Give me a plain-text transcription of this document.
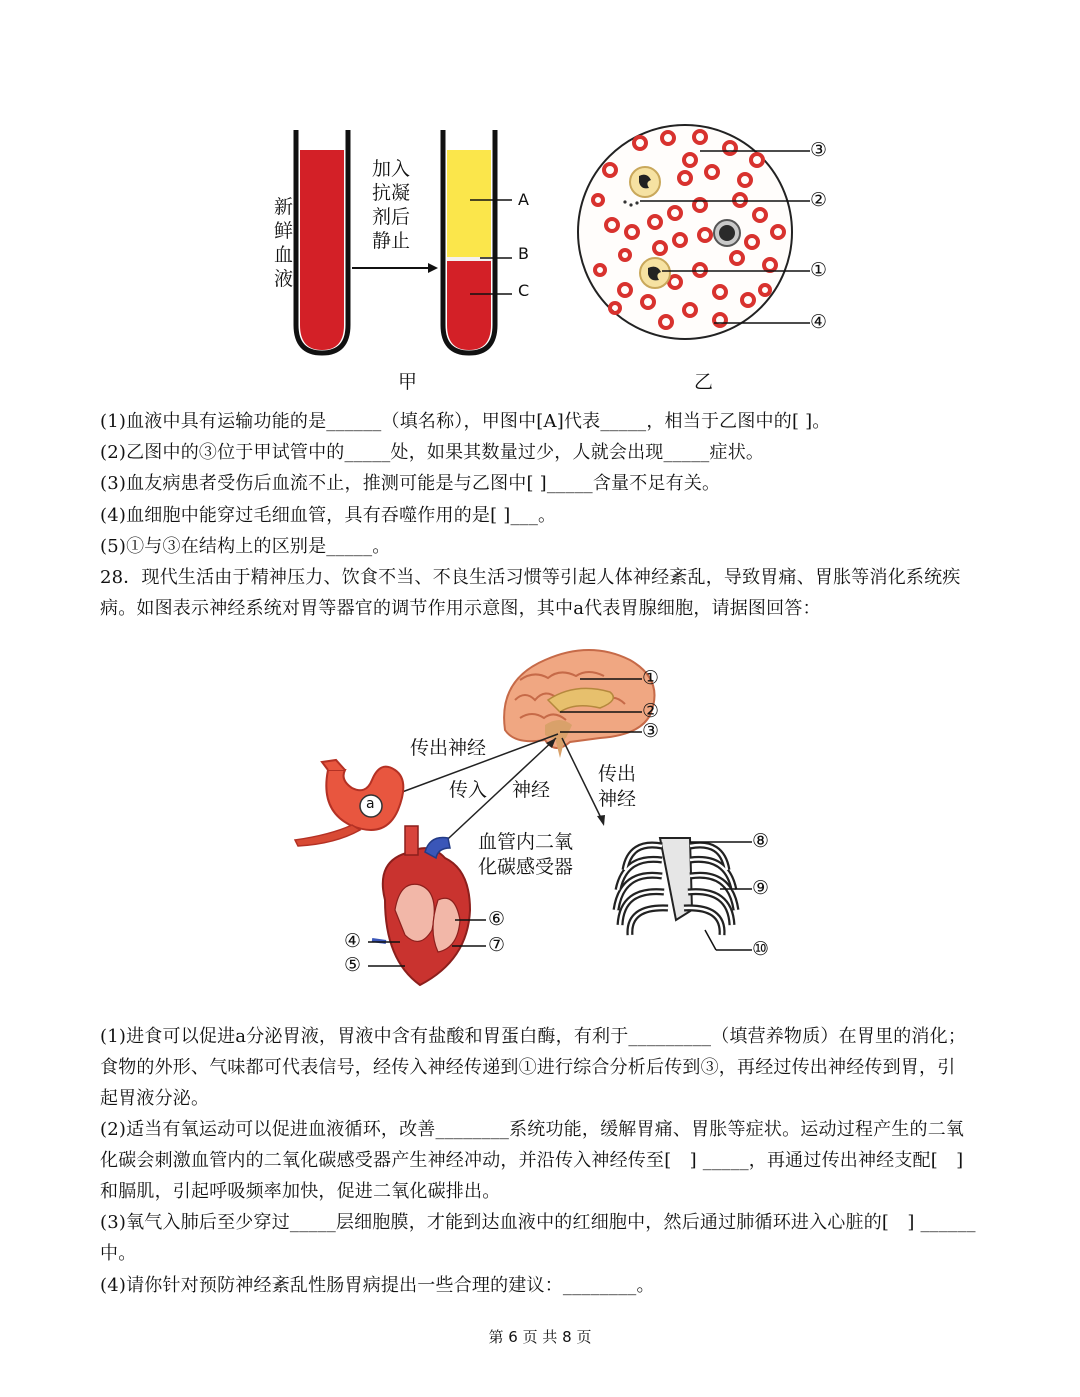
新鲜血液
加入
抗凝
剂后
静止
A
B
C
③
②
①
④
甲	乙
(1)血液中具有运输功能的是______（填名称），甲图中[A]代表_____，相当于乙图中的[ ]。
(2)乙图中的③位于甲试管中的_____处，如果其数量过少，人就会出现_____症状。
(3)血友病患者受伤后血流不止，推测可能是与乙图中[ ]_____含量不足有关。
(4)血细胞中能穿过毛细血管，具有吞噬作用的是[ ]___。
(5)①与③在结构上的区别是_____。
28．现代生活由于精神压力、饮食不当、不良生活习惯等引起人体神经紊乱，导致胃痛、胃胀等消化系统疾
病。如图表示神经系统对胃等器官的调节作用示意图，其中a代表胃腺细胞，请据图回答：
传出神经
传入 神经
传出
神经
血管内二氧
化碳感受器
a
①
②
③
⑥
⑦
④
⑤
⑧
⑨
⑩
(1)进食可以促进a分泌胃液，胃液中含有盐酸和胃蛋白酶，有利于_________（填营养物质）在胃里的消化；
食物的外形、气味都可代表信号，经传入神经传递到①进行综合分析后传到③，再经过传出神经传到胃，引
起胃液分泌。
(2)适当有氧运动可以促进血液循环，改善________系统功能，缓解胃痛、胃胀等症状。运动过程产生的二氧
化碳会刺激血管内的二氧化碳感受器产生神经冲动，并沿传入神经传至[　] _____，再通过传出神经支配[　]
和膈肌，引起呼吸频率加快，促进二氧化碳排出。
(3)氧气入肺后至少穿过_____层细胞膜，才能到达血液中的红细胞中，然后通过肺循环进入心脏的[　] ______
中。
(4)请你针对预防神经紊乱性肠胃病提出一些合理的建议：________。
第 6 页 共 8 页
